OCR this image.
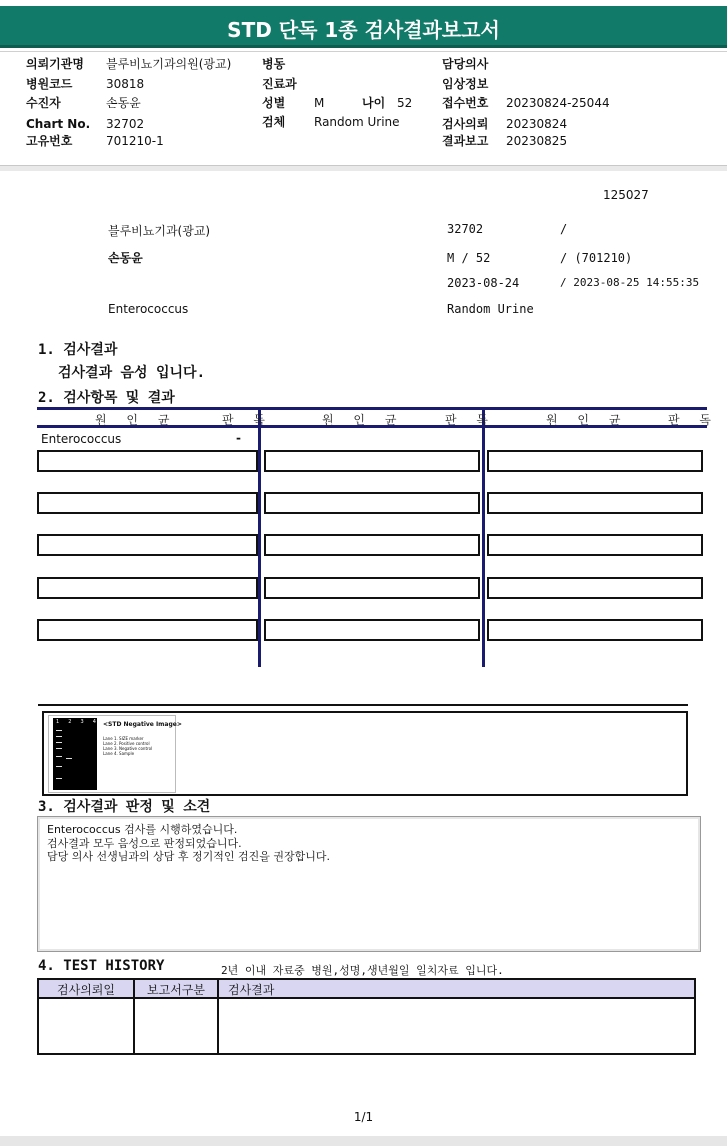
STD 단독 1종 검사결과보고서
의뢰기관명 블루비뇨기과의원(광교)
병원코드	30818
수진자	손동윤
Chart No. 32702
고유번호	701210-1
병동
진료과
성별 M	나이 52
검체 Random Urine
담당의사
임상정보
접수번호 20230824-25044
검사의뢰 20230824
결과보고 20230825
125027
블루비뇨기과(광교)	32702	/
손동윤	M / 52	/ (701210)
2023-08-24	/ 2023-08-25 14:55:35
Enterococcus	Random Urine
1. 검사결과
검사결과 음성 입니다.
2. 검사항목 및 결과
원 인 균	판 독	원 인 균	판 독	원 인 균	판 독
Enterococcus	-
1 2 3 4 <STD Negative Image>
Lane 1. SIZE marker
Lane 2. Positive control
Lane 3. Negative control
Lane 4. Sample
3. 검사결과 판정 및 소견
Enterococcus 검사를 시행하였습니다.
검사결과 모두 음성으로 판정되었습니다.
담당 의사 선생님과의 상담 후 정기적인 검진을 권장합니다.
4. TEST HISTORY	2년 이내 자료중 병원,성명,생년월일 일치자료 입니다.
검사의뢰일	보고서구분	검사결과
1/1
